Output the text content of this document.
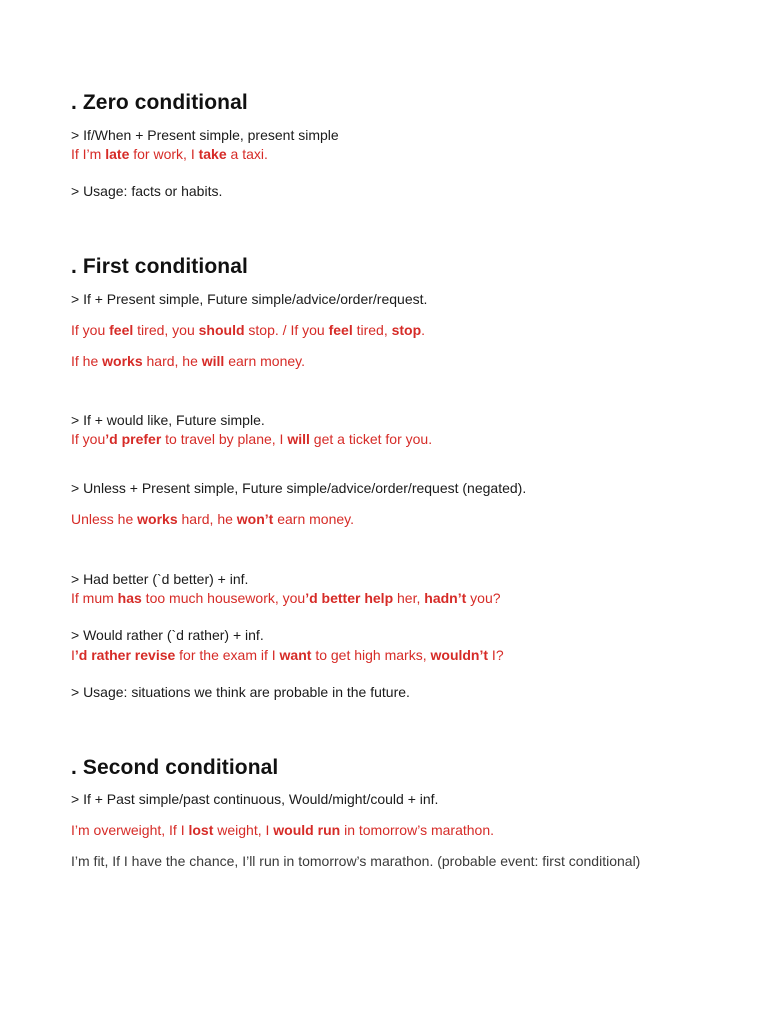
. Zero conditional
> If/When + Present simple, present simple
If I’m late for work, I take a taxi.
> Usage: facts or habits.
. First conditional
> If + Present simple, Future simple/advice/order/request.
If you feel tired, you should stop. / If you feel tired, stop.
If he works hard, he will earn money.
> If + would like, Future simple.
If you’d prefer to travel by plane, I will get a ticket for you.
> Unless + Present simple, Future simple/advice/order/request (negated).
Unless he works hard, he won’t earn money.
> Had better (`d better) + inf.
If mum has too much housework, you’d better help her, hadn’t you?
> Would rather (`d rather) + inf.
I’d rather revise for the exam if I want to get high marks, wouldn’t I?
> Usage: situations we think are probable in the future.
. Second conditional
> If + Past simple/past continuous, Would/might/could + inf.
I’m overweight, If I lost weight, I would run in tomorrow’s marathon.
I’m fit, If I have the chance, I’ll run in tomorrow’s marathon. (probable event: first conditional)
